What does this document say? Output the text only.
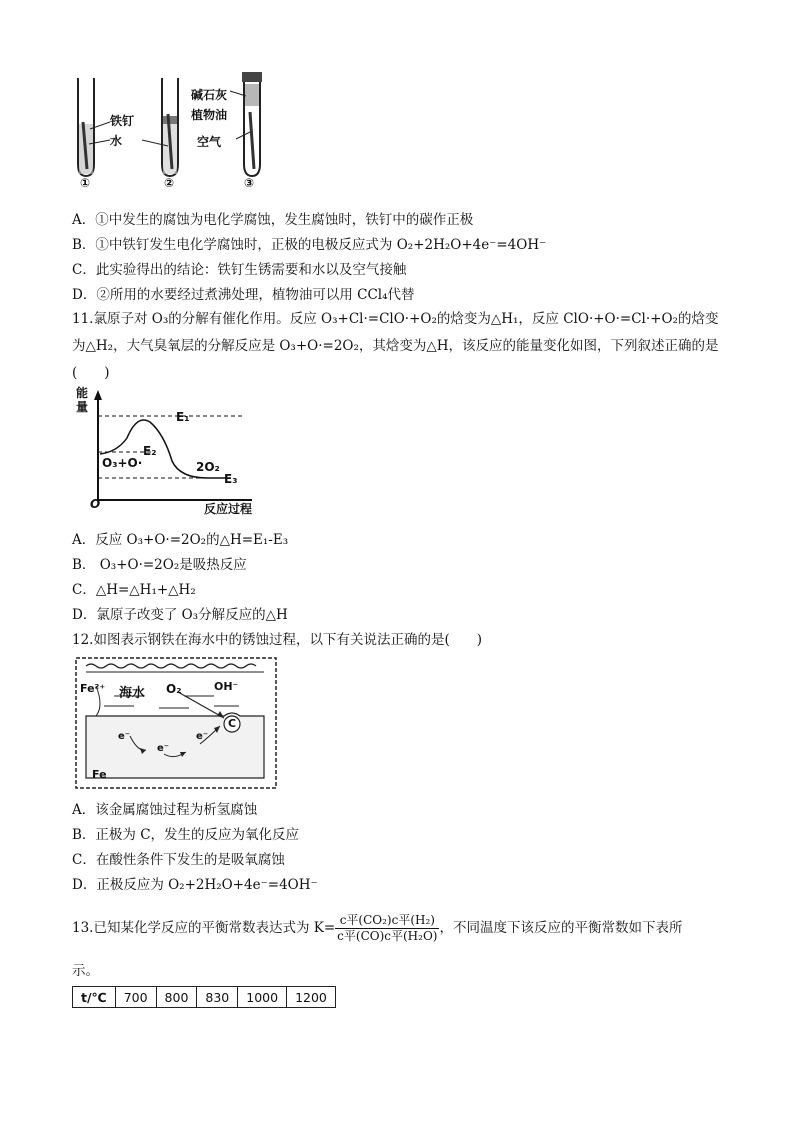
铁钉
水
碱石灰
植物油
空气
①	②	③
A．①中发生的腐蚀为电化学腐蚀，发生腐蚀时，铁钉中的碳作正极
B．①中铁钉发生电化学腐蚀时，正极的电极反应式为 O₂+2H₂O+4e⁻=4OH⁻
C．此实验得出的结论：铁钉生锈需要和水以及空气接触
D．②所用的水要经过煮沸处理，植物油可以用 CCl₄代替
11.氯原子对 O₃的分解有催化作用。反应 O₃+Cl·=ClO·+O₂的焓变为△H₁，反应 ClO·+O·=Cl·+O₂的焓变为△H₂，大气臭氧层的分解反应是 O₃+O·=2O₂，其焓变为△H，该反应的能量变化如图，下列叙述正确的是(　　)
能量
E₁
E₂
O₃+O·	2O₂
E₃
O	反应过程
A．反应 O₃+O·=2O₂的△H=E₁-E₃
B． O₃+O·=2O₂是吸热反应
C．△H=△H₁+△H₂
D．氯原子改变了 O₃分解反应的△H
12.如图表示钢铁在海水中的锈蚀过程，以下有关说法正确的是(　　)
Fe²⁺ 海水 O₂	OH⁻
C
e⁻
e⁻
e⁻
Fe
A．该金属腐蚀过程为析氢腐蚀
B．正极为 C，发生的反应为氧化反应
C．在酸性条件下发生的是吸氧腐蚀
D．正极反应为 O₂+2H₂O+4e⁻=4OH⁻
13.已知某化学反应的平衡常数表达式为 $K= \frac{\text{c平(CO₂)c平(H₂)}}{\text{c平(CO)c平(H₂O)}}$ ，不同温度下该反应的平衡常数如下表所
示。
t/℃	700	800	830	1000	1200
